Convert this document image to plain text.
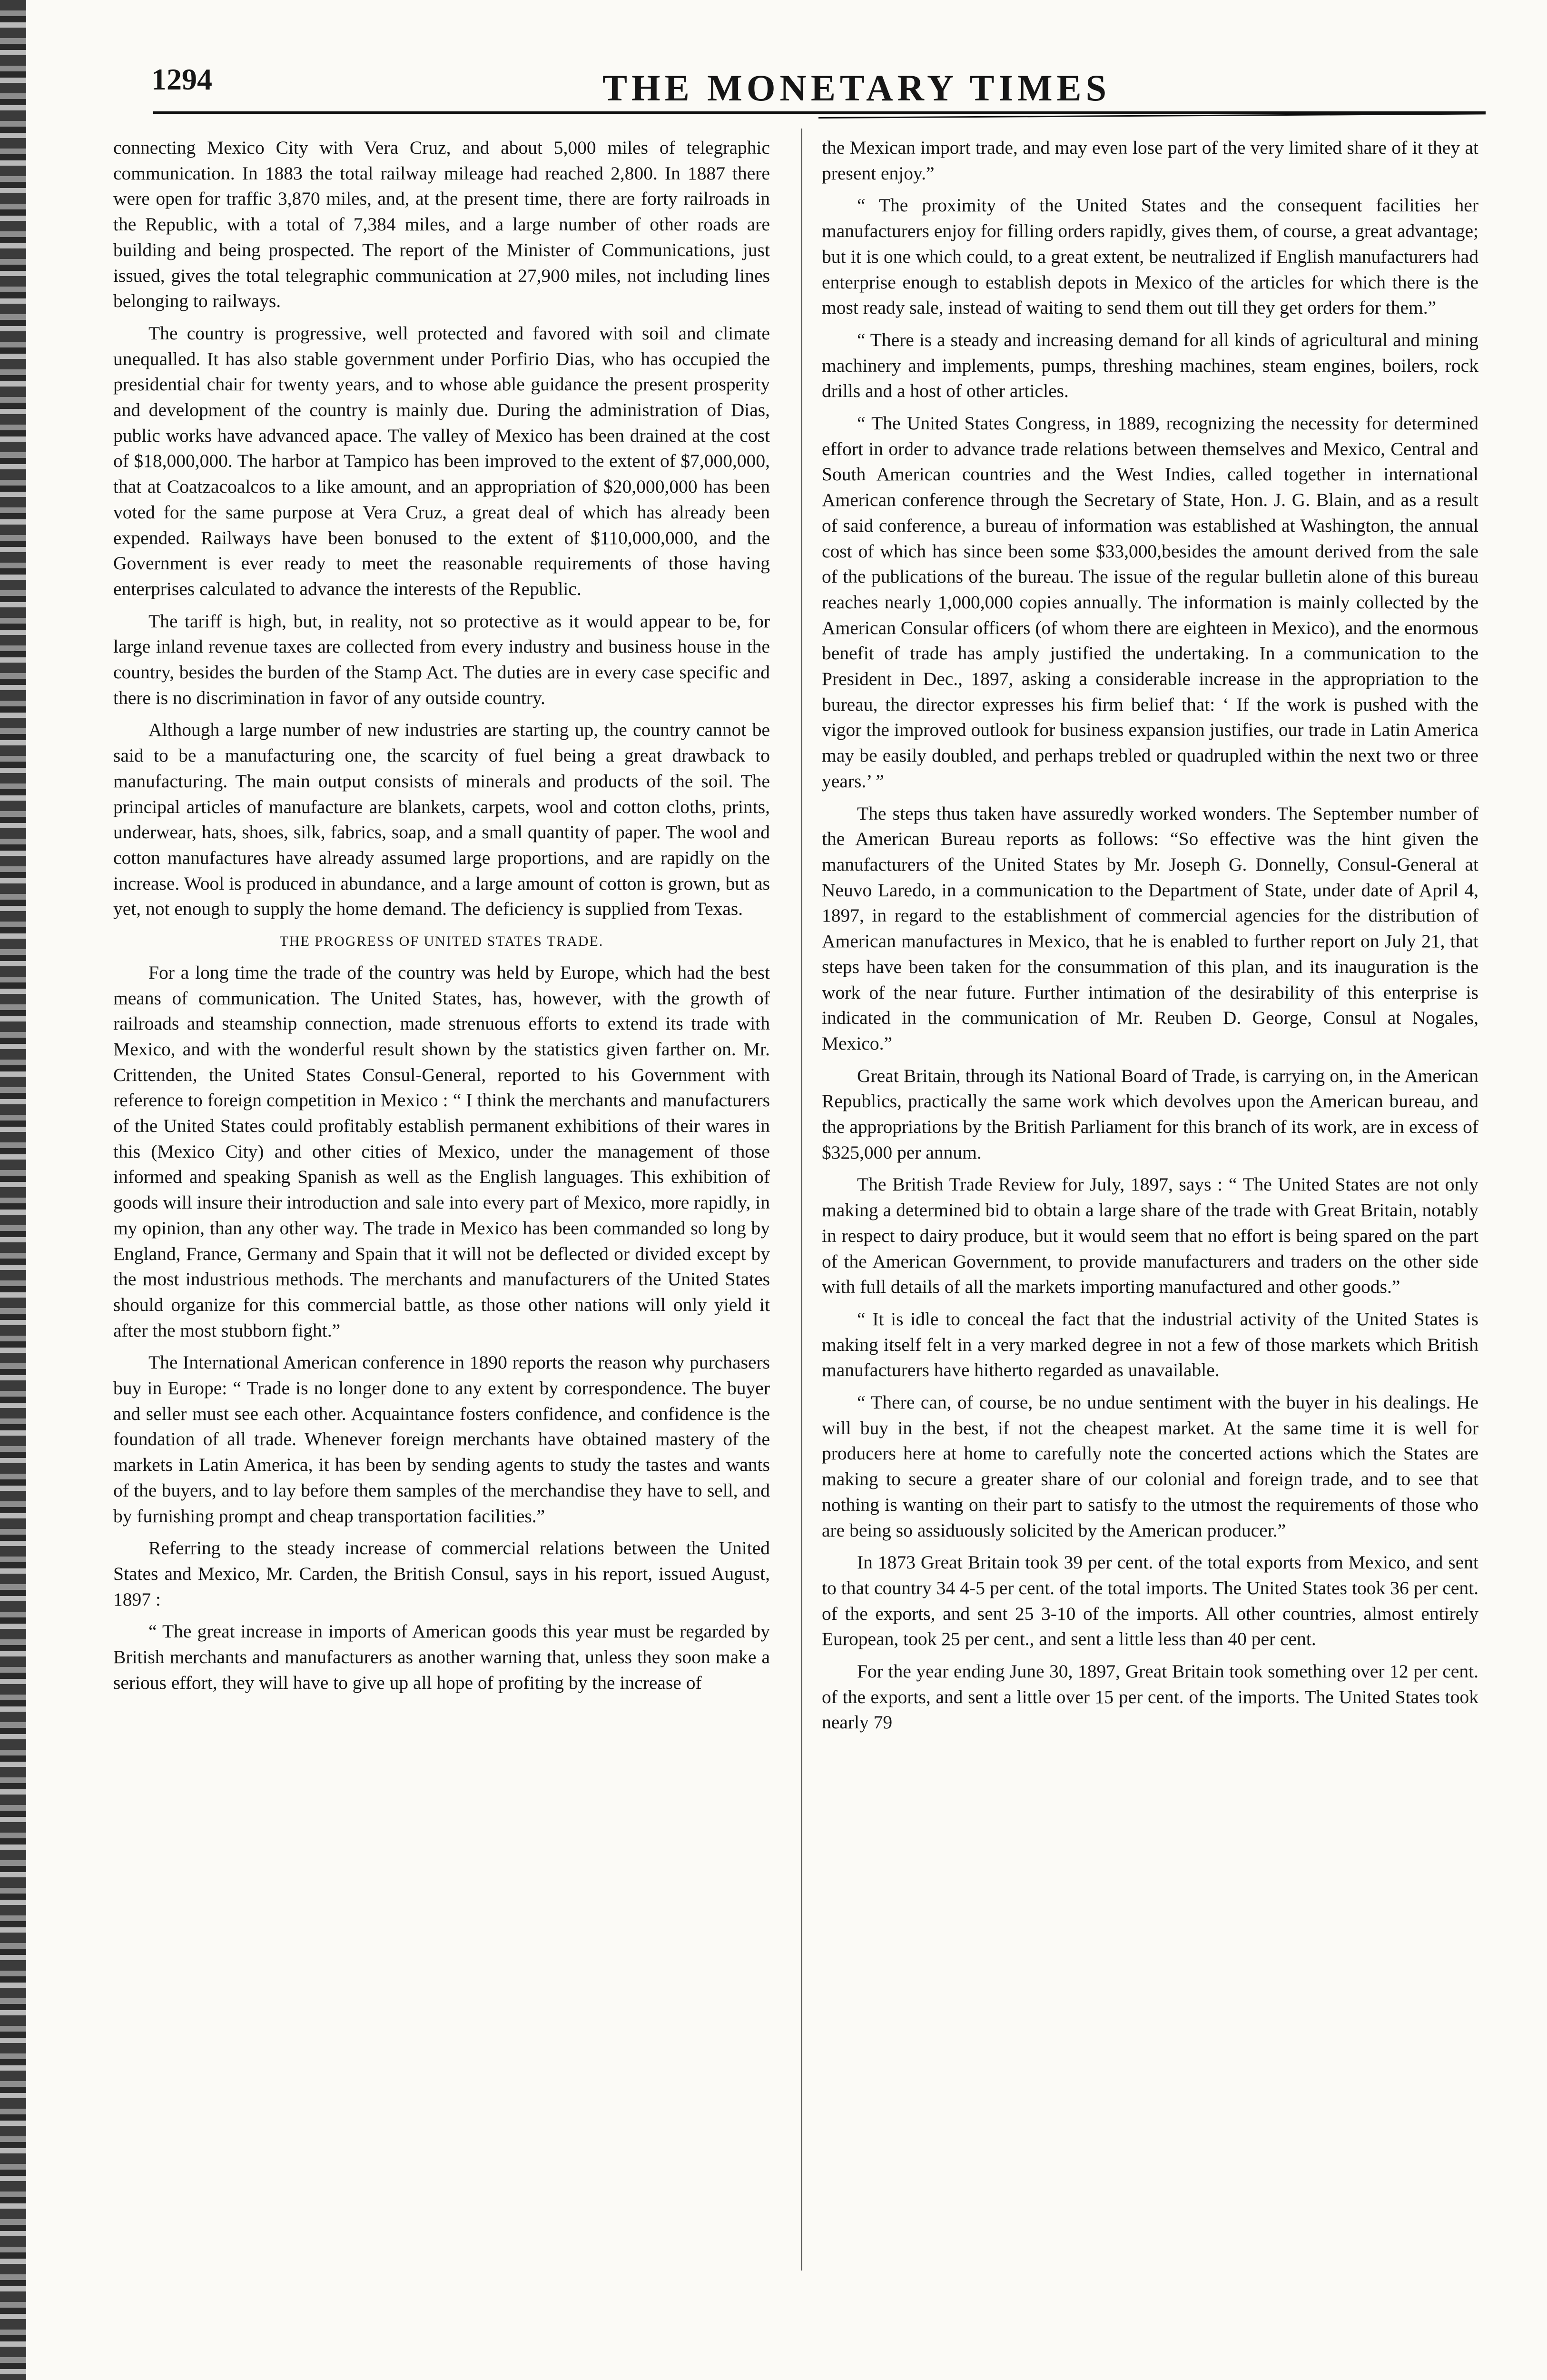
1294	THE MONETARY TIMES

connecting Mexico City with Vera Cruz, and about 5,000 miles of telegraphic communication. In 1883 the total railway mileage had reached 2,800. In 1887 there were open for traffic 3,870 miles, and, at the present time, there are forty railroads in the Republic, with a total of 7,384 miles, and a large number of other roads are building and being prospected. The report of the Minister of Communications, just issued, gives the total telegraphic communication at 27,900 miles, not including lines belonging to railways.

The country is progressive, well protected and favored with soil and climate unequalled. It has also stable government under Porfirio Dias, who has occupied the presidential chair for twenty years, and to whose able guidance the present prosperity and development of the country is mainly due. During the administration of Dias, public works have advanced apace. The valley of Mexico has been drained at the cost of $18,000,000. The harbor at Tampico has been improved to the extent of $7,000,000, that at Coatzacoalcos to a like amount, and an appropriation of $20,000,000 has been voted for the same purpose at Vera Cruz, a great deal of which has already been expended. Railways have been bonused to the extent of $110,000,000, and the Government is ever ready to meet the reasonable requirements of those having enterprises calculated to advance the interests of the Republic.

The tariff is high, but, in reality, not so protective as it would appear to be, for large inland revenue taxes are collected from every industry and business house in the country, besides the burden of the Stamp Act. The duties are in every case specific and there is no discrimination in favor of any outside country.

Although a large number of new industries are starting up, the country cannot be said to be a manufacturing one, the scarcity of fuel being a great drawback to manufacturing. The main output consists of minerals and products of the soil. The principal articles of manufacture are blankets, carpets, wool and cotton cloths, prints, underwear, hats, shoes, silk, fabrics, soap, and a small quantity of paper. The wool and cotton manufactures have already assumed large proportions, and are rapidly on the increase. Wool is produced in abundance, and a large amount of cotton is grown, but as yet, not enough to supply the home demand. The deficiency is supplied from Texas.

THE PROGRESS OF UNITED STATES TRADE.

For a long time the trade of the country was held by Europe, which had the best means of communication. The United States, has, however, with the growth of railroads and steamship connection, made strenuous efforts to extend its trade with Mexico, and with the wonderful result shown by the statistics given farther on. Mr. Crittenden, the United States Consul-General, reported to his Government with reference to foreign competition in Mexico : “ I think the merchants and manufacturers of the United States could profitably establish permanent exhibitions of their wares in this (Mexico City) and other cities of Mexico, under the management of those informed and speaking Spanish as well as the English languages. This exhibition of goods will insure their introduction and sale into every part of Mexico, more rapidly, in my opinion, than any other way. The trade in Mexico has been commanded so long by England, France, Germany and Spain that it will not be deflected or divided except by the most industrious methods. The merchants and manufacturers of the United States should organize for this commercial battle, as those other nations will only yield it after the most stubborn fight.”

The International American conference in 1890 reports the reason why purchasers buy in Europe: “ Trade is no longer done to any extent by correspondence. The buyer and seller must see each other. Acquaintance fosters confidence, and confidence is the foundation of all trade. Whenever foreign merchants have obtained mastery of the markets in Latin America, it has been by sending agents to study the tastes and wants of the buyers, and to lay before them samples of the merchandise they have to sell, and by furnishing prompt and cheap transportation facilities.”

Referring to the steady increase of commercial relations between the United States and Mexico, Mr. Carden, the British Consul, says in his report, issued August, 1897 :

“ The great increase in imports of American goods this year must be regarded by British merchants and manufacturers as another warning that, unless they soon make a serious effort, they will have to give up all hope of profiting by the increase of

the Mexican import trade, and may even lose part of the very limited share of it they at present enjoy.”

“ The proximity of the United States and the consequent facilities her manufacturers enjoy for filling orders rapidly, gives them, of course, a great advantage; but it is one which could, to a great extent, be neutralized if English manufacturers had enterprise enough to establish depots in Mexico of the articles for which there is the most ready sale, instead of waiting to send them out till they get orders for them.”

“ There is a steady and increasing demand for all kinds of agricultural and mining machinery and implements, pumps, threshing machines, steam engines, boilers, rock drills and a host of other articles.

“ The United States Congress, in 1889, recognizing the necessity for determined effort in order to advance trade relations between themselves and Mexico, Central and South American countries and the West Indies, called together in international American conference through the Secretary of State, Hon. J. G. Blain, and as a result of said conference, a bureau of information was established at Washington, the annual cost of which has since been some $33,000,besides the amount derived from the sale of the publications of the bureau. The issue of the regular bulletin alone of this bureau reaches nearly 1,000,000 copies annually. The information is mainly collected by the American Consular officers (of whom there are eighteen in Mexico), and the enormous benefit of trade has amply justified the undertaking. In a communication to the President in Dec., 1897, asking a considerable increase in the appropriation to the bureau, the director expresses his firm belief that: ‘ If the work is pushed with the vigor the improved outlook for business expansion justifies, our trade in Latin America may be easily doubled, and perhaps trebled or quadrupled within the next two or three years.’ ”

The steps thus taken have assuredly worked wonders. The September number of the American Bureau reports as follows: “So effective was the hint given the manufacturers of the United States by Mr. Joseph G. Donnelly, Consul-General at Neuvo Laredo, in a communication to the Department of State, under date of April 4, 1897, in regard to the establishment of commercial agencies for the distribution of American manufactures in Mexico, that he is enabled to further report on July 21, that steps have been taken for the consummation of this plan, and its inauguration is the work of the near future. Further intimation of the desirability of this enterprise is indicated in the communication of Mr. Reuben D. George, Consul at Nogales, Mexico.”

Great Britain, through its National Board of Trade, is carrying on, in the American Republics, practically the same work which devolves upon the American bureau, and the appropriations by the British Parliament for this branch of its work, are in excess of $325,000 per annum.

The British Trade Review for July, 1897, says : “ The United States are not only making a determined bid to obtain a large share of the trade with Great Britain, notably in respect to dairy produce, but it would seem that no effort is being spared on the part of the American Government, to provide manufacturers and traders on the other side with full details of all the markets importing manufactured and other goods.”

“ It is idle to conceal the fact that the industrial activity of the United States is making itself felt in a very marked degree in not a few of those markets which British manufacturers have hitherto regarded as unavailable.

“ There can, of course, be no undue sentiment with the buyer in his dealings. He will buy in the best, if not the cheapest market. At the same time it is well for producers here at home to carefully note the concerted actions which the States are making to secure a greater share of our colonial and foreign trade, and to see that nothing is wanting on their part to satisfy to the utmost the requirements of those who are being so assiduously solicited by the American producer.”

In 1873 Great Britain took 39 per cent. of the total exports from Mexico, and sent to that country 34 4-5 per cent. of the total imports. The United States took 36 per cent. of the exports, and sent 25 3-10 of the imports. All other countries, almost entirely European, took 25 per cent., and sent a little less than 40 per cent.

For the year ending June 30, 1897, Great Britain took something over 12 per cent. of the exports, and sent a little over 15 per cent. of the imports. The United States took nearly 79
